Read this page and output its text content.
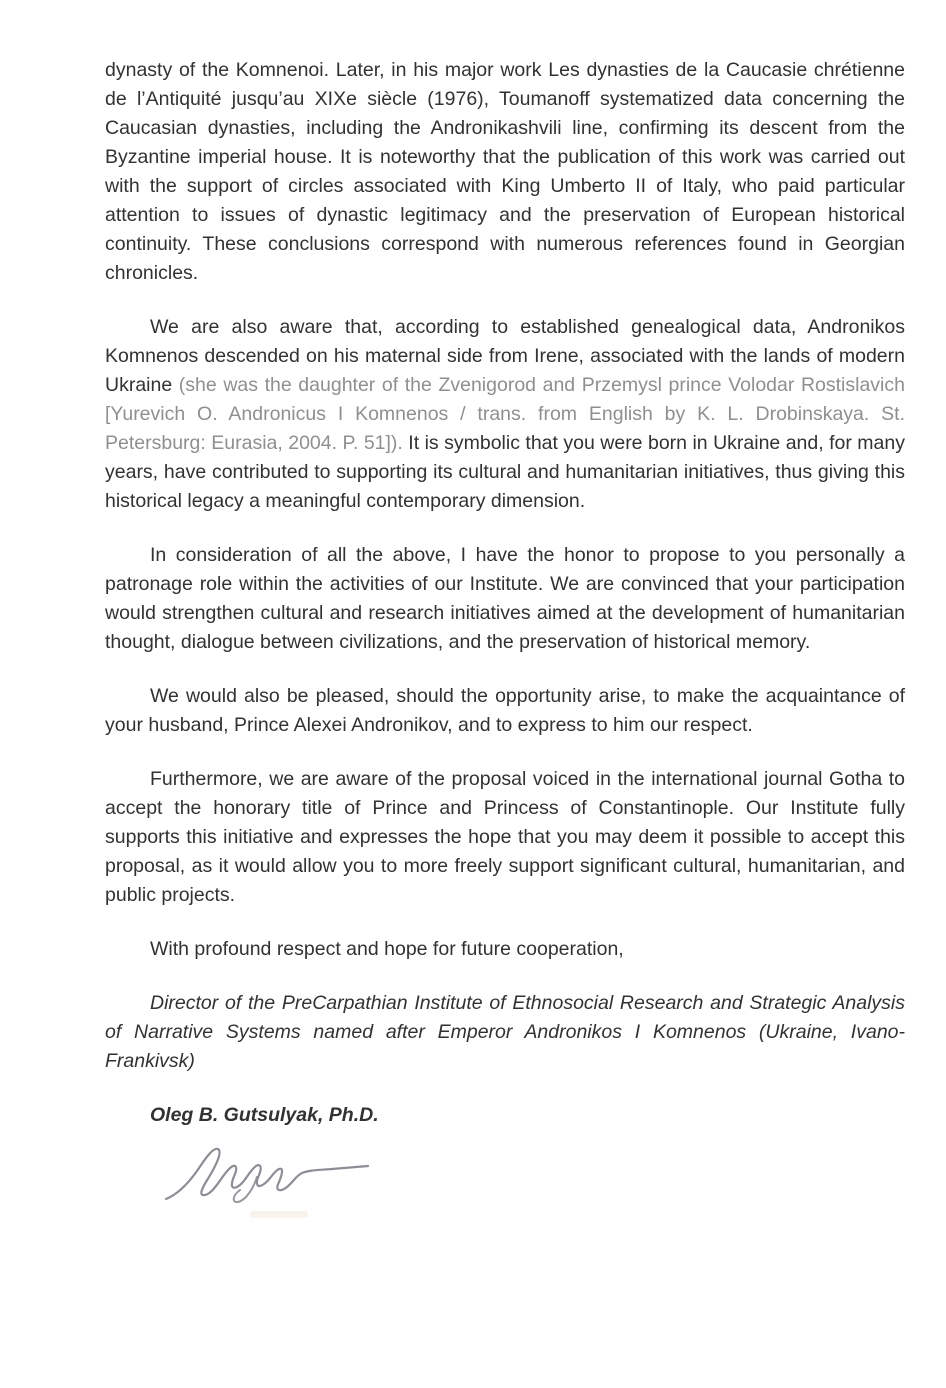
dynasty of the Komnenoi. Later, in his major work Les dynasties de la Caucasie chrétienne de l’Antiquité jusqu’au XIXe siècle (1976), Toumanoff systematized data concerning the Caucasian dynasties, including the Andronikashvili line, confirming its descent from the Byzantine imperial house. It is noteworthy that the publication of this work was carried out with the support of circles associated with King Umberto II of Italy, who paid particular attention to issues of dynastic legitimacy and the preservation of European historical continuity. These conclusions correspond with numerous references found in Georgian chronicles.

We are also aware that, according to established genealogical data, Andronikos Komnenos descended on his maternal side from Irene, associated with the lands of modern Ukraine (she was the daughter of the Zvenigorod and Przemysl prince Volodar Rostislavich [Yurevich O. Andronicus I Komnenos / trans. from English by K. L. Drobinskaya. St. Petersburg: Eurasia, 2004. P. 51]). It is symbolic that you were born in Ukraine and, for many years, have contributed to supporting its cultural and humanitarian initiatives, thus giving this historical legacy a meaningful contemporary dimension.

In consideration of all the above, I have the honor to propose to you personally a patronage role within the activities of our Institute. We are convinced that your participation would strengthen cultural and research initiatives aimed at the development of humanitarian thought, dialogue between civilizations, and the preservation of historical memory.

We would also be pleased, should the opportunity arise, to make the acquaintance of your husband, Prince Alexei Andronikov, and to express to him our respect.

Furthermore, we are aware of the proposal voiced in the international journal Gotha to accept the honorary title of Prince and Princess of Constantinople. Our Institute fully supports this initiative and expresses the hope that you may deem it possible to accept this proposal, as it would allow you to more freely support significant cultural, humanitarian, and public projects.

With profound respect and hope for future cooperation,

Director of the PreCarpathian Institute of Ethnosocial Research and Strategic Analysis of Narrative Systems named after Emperor Andronikos I Komnenos (Ukraine, Ivano-Frankivsk)

Oleg B. Gutsulyak, Ph.D.
